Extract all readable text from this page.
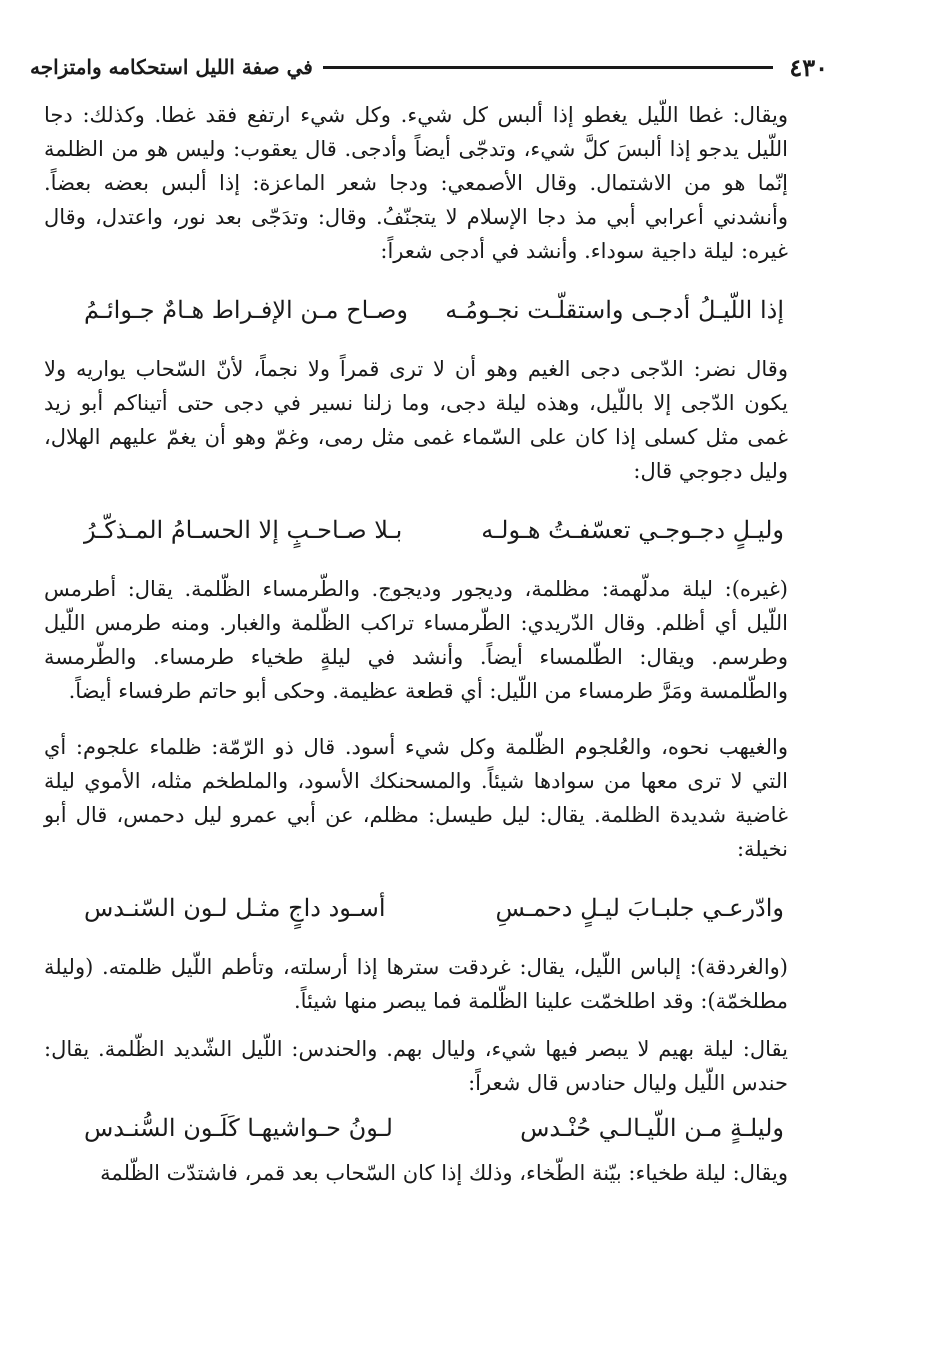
٤٣٠
في صفة الليل استحكامه وامتزاجه

ويقال: غطا اللّيل يغطو إذا ألبس كل شيء. وكل شيء ارتفع فقد غطا. وكذلك: دجا اللّيل يدجو إذا ألبسَ كلَّ شيء، وتدجّى أيضاً وأدجى. قال يعقوب: وليس هو من الظلمة إنّما هو من الاشتمال. وقال الأصمعي: ودجا شعر الماعزة: إذا ألبس بعضه بعضاً. وأنشدني أعرابي أبي مذ دجا الإسلام لا يتجنّفُ. وقال: وتدَجّى بعد نور، واعتدل، وقال غيره: ليلة داجية سوداء. وأنشد في أدجى شعراً:

إذا اللّيـلُ أدجـى واستقلّـت نجـومُـه
وصـاح مـن الإفـراط هـامٌ جـوائـمُ

وقال نضر: الدّجى دجى الغيم وهو أن لا ترى قمراً ولا نجماً، لأنّ السّحاب يواريه ولا يكون الدّجى إلا باللّيل، وهذه ليلة دجى، وما زلنا نسير في دجى حتى أتيناكم أبو زيد غمى مثل كسلى إذا كان على السّماء غمى مثل رمى، وغمّ وهو أن يغمّ عليهم الهلال، وليل دجوجي قال:

وليـلٍ دجـوجـي تعسّفـتُ هـولـه
بـلا صـاحـبٍ إلا الحسـامُ المـذكّـرُ

(غيره): ليلة مدلّهمة: مظلمة، وديجور وديجوج. والطّرمساء الظّلمة. يقال: أطرمس اللّيل أي أظلم. وقال الدّريدي: الطّرمساء تراكب الظّلمة والغبار. ومنه طرمس اللّيل وطرسم. ويقال: الطّلمساء أيضاً. وأنشد في ليلةٍ طخياء طرمساء. والطّرمسة والطّلمسة ومَرَّ طرمساء من اللّيل: أي قطعة عظيمة. وحكى أبو حاتم طرفساء أيضاً.

والغيهب نحوه، والعُلجوم الظّلمة وكل شيء أسود. قال ذو الرّمّة: ظلماء علجوم: أي التي لا ترى معها من سوادها شيئاً. والمسحنكك الأسود، والملطخم مثله، الأموي ليلة غاضية شديدة الظلمة. يقال: ليل طيسل: مظلم، عن أبي عمرو ليل دحمس، قال أبو نخيلة:

وادّرعـي جلبـابَ ليـلٍ دحمـسِ
أسـود داجٍ مثـل لـون السّنـدس

(والغردقة): إلباس اللّيل، يقال: غردقت سترها إذا أرسلته، وتأطم اللّيل ظلمته. (وليلة مطلخمّة): وقد اطلخمّت علينا الظّلمة فما يبصر منها شيئاً.

يقال: ليلة بهيم لا يبصر فيها شيء، وليال بهم. والحندس: اللّيل الشّديد الظّلمة. يقال: حندس اللّيل وليال حنادس قال شعراً:

وليلـةٍ مـن اللّيـالـي حُنْـدس
لـونُ حـواشيهـا كَلَـون السُّنـدس

ويقال: ليلة طخياء: بيّنة الطّخاء، وذلك إذا كان السّحاب بعد قمر، فاشتدّت الظّلمة
